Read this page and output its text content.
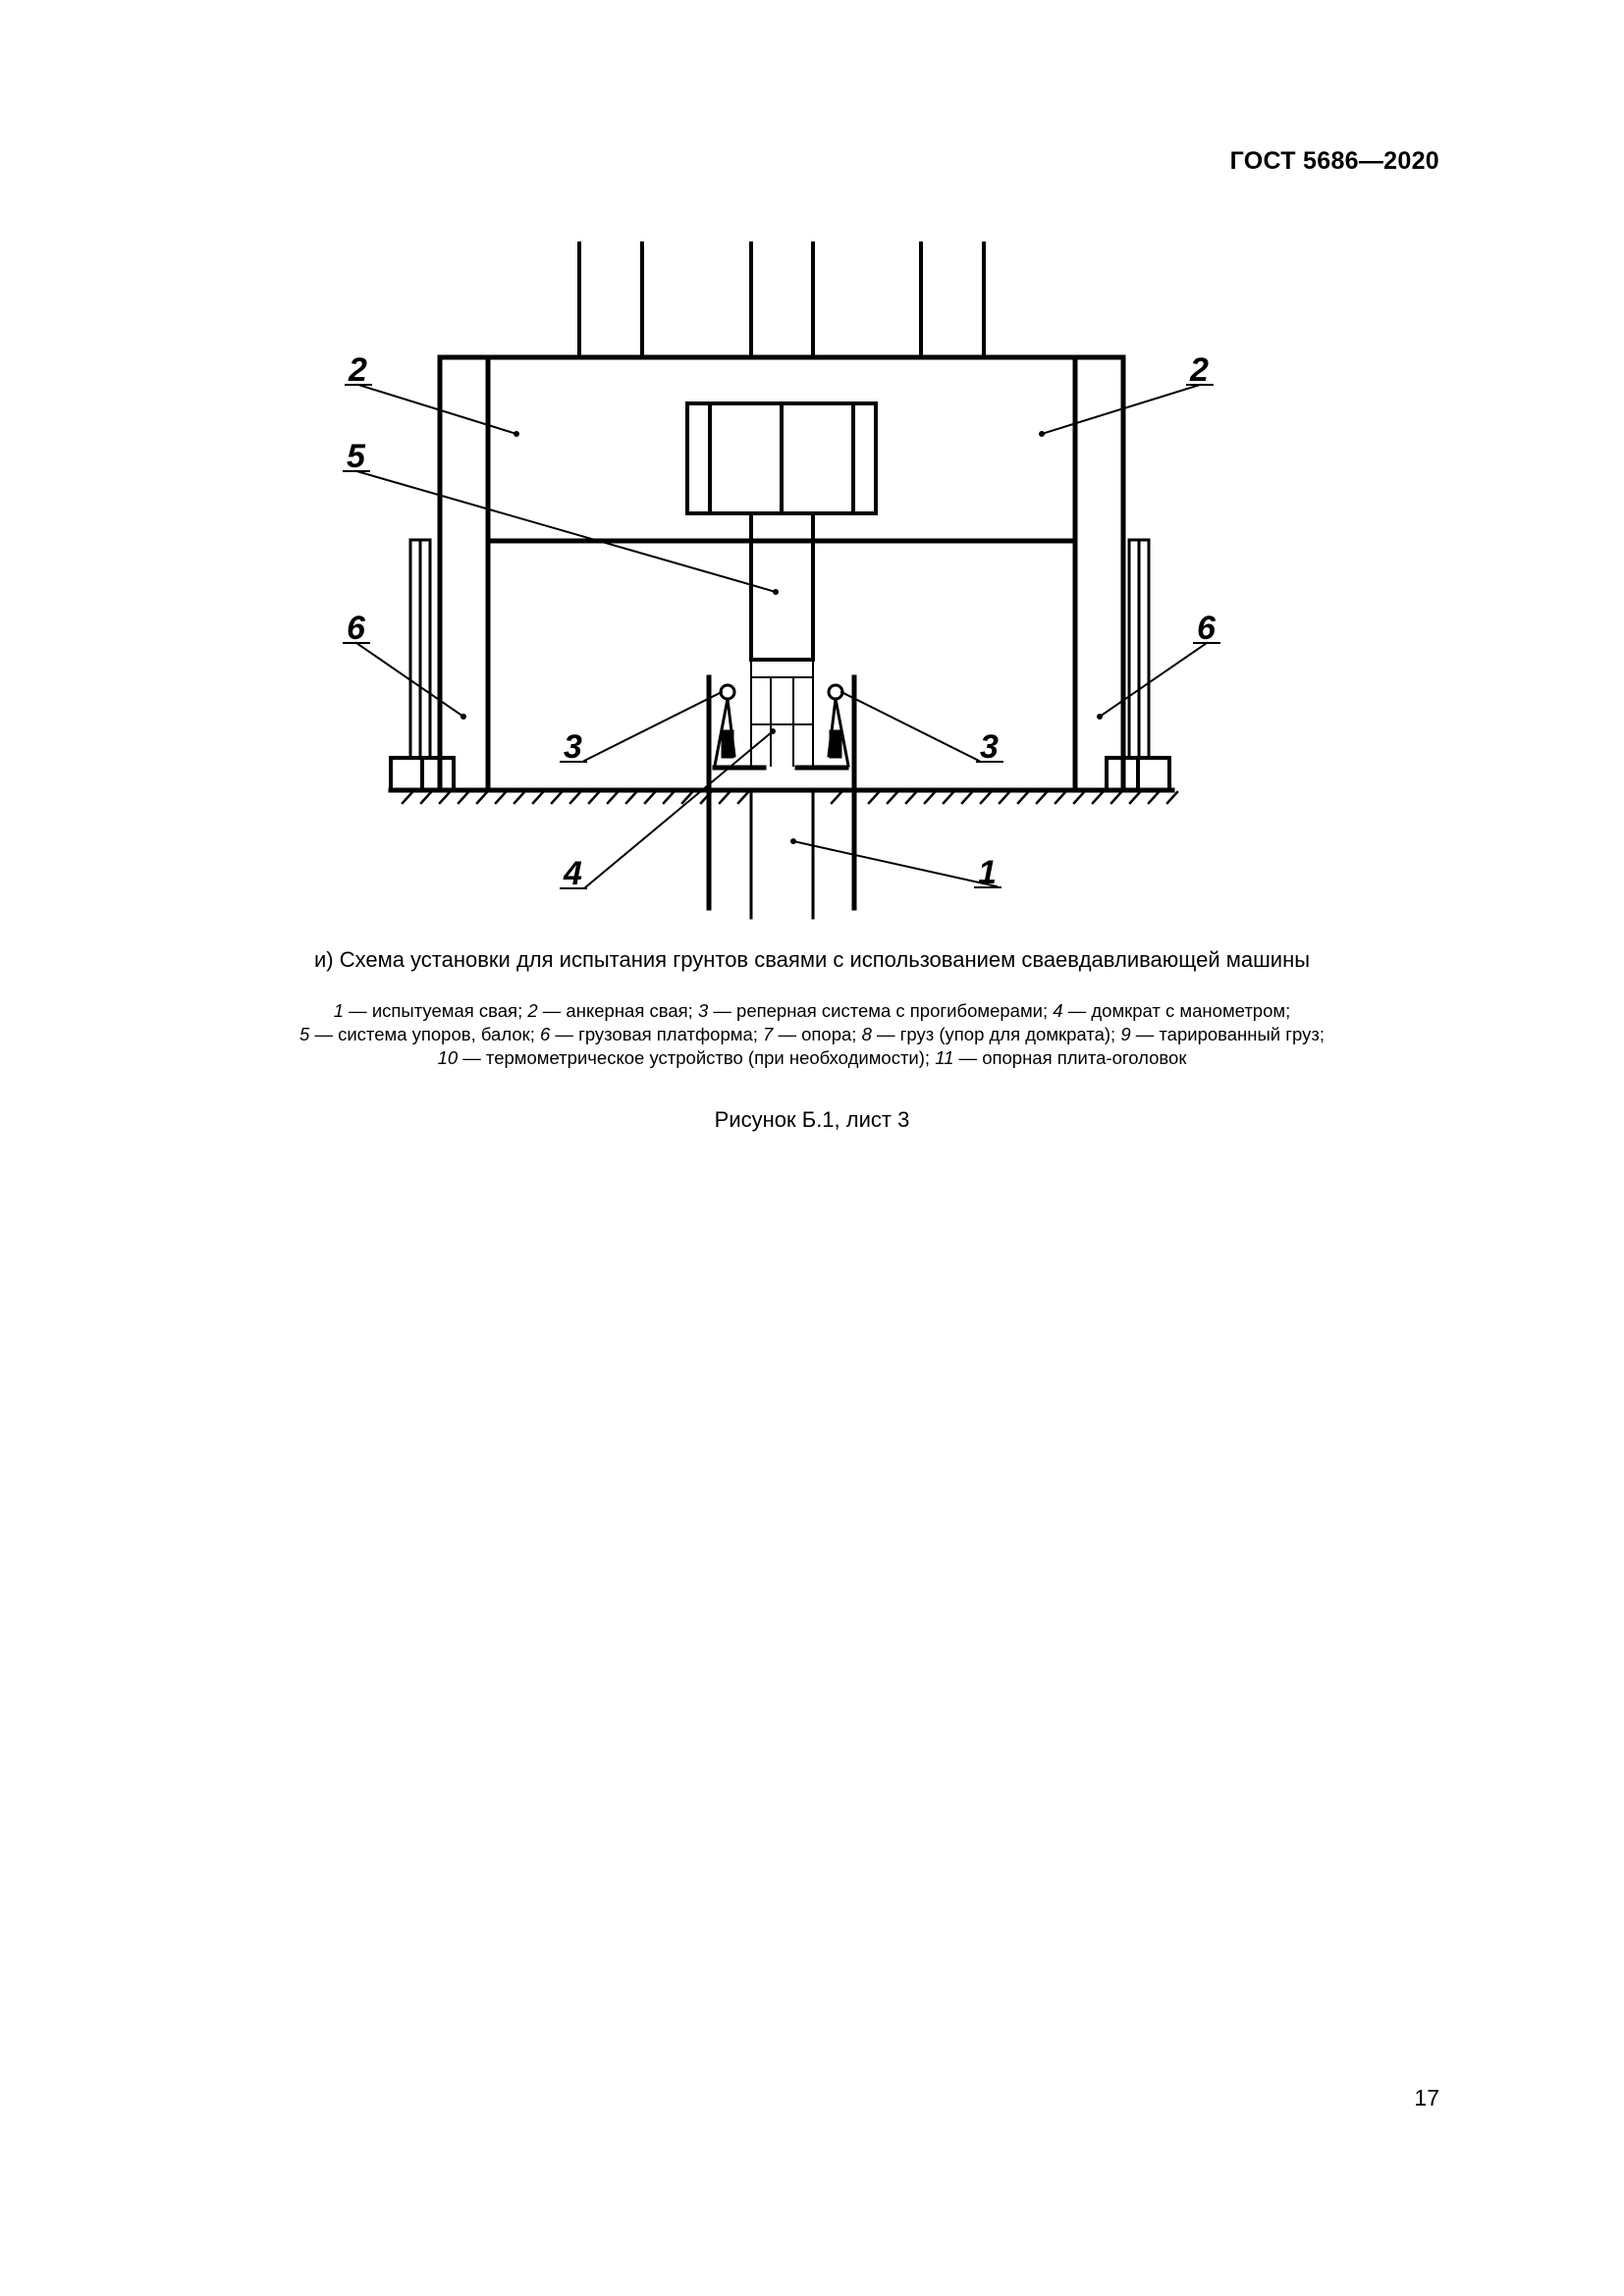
ГОСТ 5686—2020
2	2
5
6	6
3	3
4	1
и) Схема установки для испытания грунтов сваями с использованием сваевдавливающей машины
1 — испытуемая свая; 2 — анкерная свая; 3 — реперная система с прогибомерами; 4 — домкрат с манометром;
5 — система упоров, балок; 6 — грузовая платформа; 7 — опора; 8 — груз (упор для домкрата); 9 — тарированный груз;
10 — термометрическое устройство (при необходимости); 11 — опорная плита-оголовок
Рисунок Б.1, лист 3
17
